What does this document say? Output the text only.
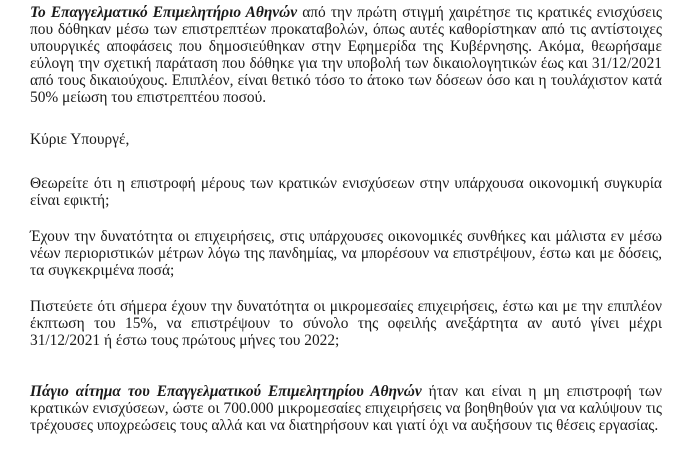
Το Επαγγελματικό Επιμελητήριο Αθηνών από την πρώτη στιγμή χαιρέτησε τις κρατικές ενισχύσεις που δόθηκαν μέσω των επιστρεπτέων προκαταβολών, όπως αυτές καθορίστηκαν από τις αντίστοιχες υπουργικές αποφάσεις που δημοσιεύθηκαν στην Εφημερίδα της Κυβέρνησης. Ακόμα, θεωρήσαμε εύλογη την σχετική παράταση που δόθηκε για την υποβολή των δικαιολογητικών έως και 31/12/2021 από τους δικαιούχους. Επιπλέον, είναι θετικό τόσο το άτοκο των δόσεων όσο και η τουλάχιστον κατά 50% μείωση του επιστρεπτέου ποσού.

Κύριε Υπουργέ,

Θεωρείτε ότι η επιστροφή μέρους των κρατικών ενισχύσεων στην υπάρχουσα οικονομική συγκυρία είναι εφικτή;

Έχουν την δυνατότητα οι επιχειρήσεις, στις υπάρχουσες οικονομικές συνθήκες και μάλιστα εν μέσω νέων περιοριστικών μέτρων λόγω της πανδημίας, να μπορέσουν να επιστρέψουν, έστω και με δόσεις, τα συγκεκριμένα ποσά;

Πιστεύετε ότι σήμερα έχουν την δυνατότητα οι μικρομεσαίες επιχειρήσεις, έστω και με την επιπλέον έκπτωση του 15%, να επιστρέψουν το σύνολο της οφειλής ανεξάρτητα αν αυτό γίνει μέχρι 31/12/2021 ή έστω τους πρώτους μήνες του 2022;

Πάγιο αίτημα του Επαγγελματικού Επιμελητηρίου Αθηνών ήταν και είναι η μη επιστροφή των κρατικών ενισχύσεων, ώστε οι 700.000 μικρομεσαίες επιχειρήσεις να βοηθηθούν για να καλύψουν τις τρέχουσες υποχρεώσεις τους αλλά και να διατηρήσουν και γιατί όχι να αυξήσουν τις θέσεις εργασίας.
